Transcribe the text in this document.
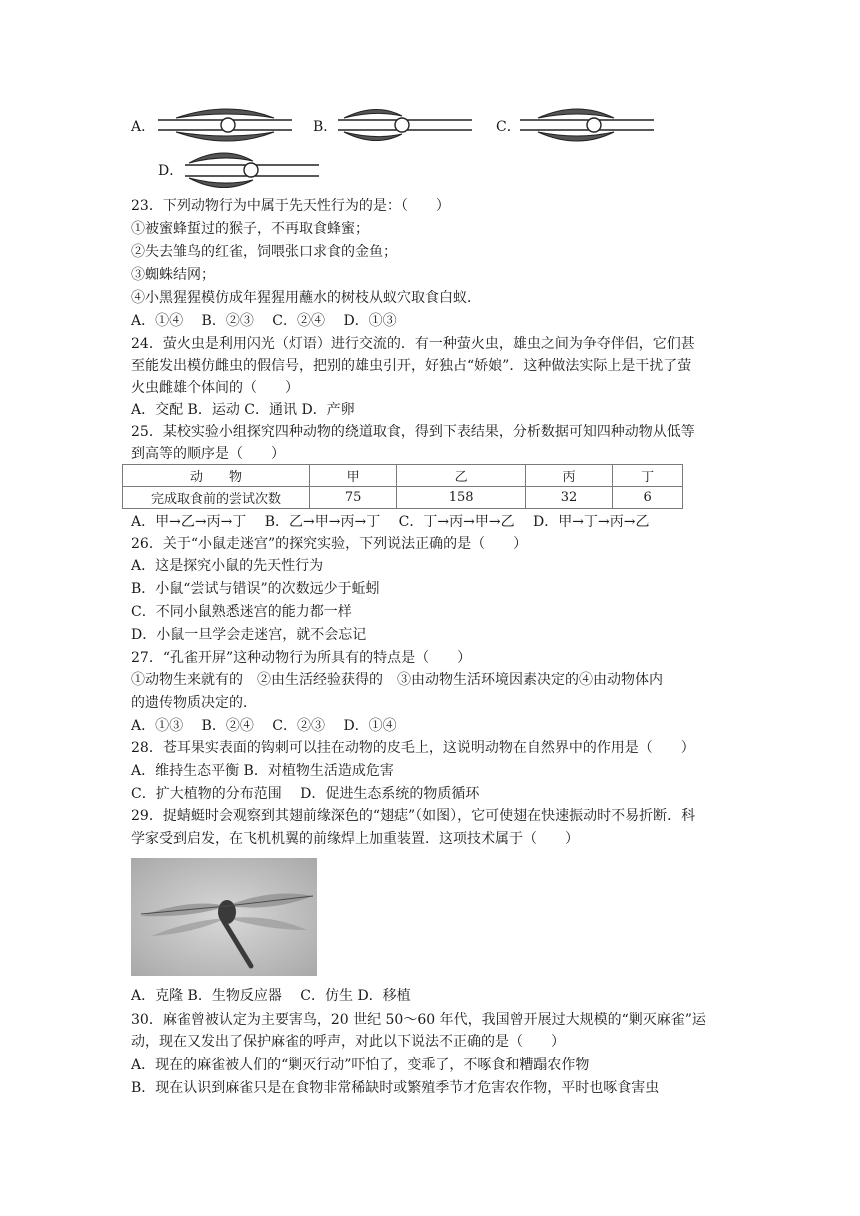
A．	B．	C．
D．
23．下列动物行为中属于先天性行为的是：（　　）
①被蜜蜂蜇过的猴子，不再取食蜂蜜；
②失去雏鸟的红雀，饲喂张口求食的金鱼；
③蜘蛛结网；
④小黑猩猩模仿成年猩猩用蘸水的树枝从蚁穴取食白蚁．
A．①④　 B．②③　 C．②④　 D．①③
24．萤火虫是利用闪光（灯语）进行交流的．有一种萤火虫，雄虫之间为争夺伴侣，它们甚
至能发出模仿雌虫的假信号，把别的雄虫引开，好独占“娇娘”．这种做法实际上是干扰了萤
火虫雌雄个体间的（　　）
A．交配 B．运动 C．通讯 D．产卵
25．某校实验小组探究四种动物的绕道取食，得到下表结果，分析数据可知四种动物从低等
到高等的顺序是（　　）
动　　物	甲	乙	丙	丁
完成取食前的尝试次数	75	158	32	6
A．甲→乙→丙→丁　 B．乙→甲→丙→丁　 C．丁→丙→甲→乙　 D．甲→丁→丙→乙
26．关于“小鼠走迷宫”的探究实验，下列说法正确的是（　　）
A．这是探究小鼠的先天性行为
B．小鼠“尝试与错误”的次数远少于蚯蚓
C．不同小鼠熟悉迷宫的能力都一样
D．小鼠一旦学会走迷宫，就不会忘记
27．“孔雀开屏”这种动物行为所具有的特点是（　　）
①动物生来就有的　②由生活经验获得的　③由动物生活环境因素决定的④由动物体内
的遗传物质决定的．
A．①③　 B．②④　 C．②③　 D．①④
28．苍耳果实表面的钩刺可以挂在动物的皮毛上，这说明动物在自然界中的作用是（　　）
A．维持生态平衡 B．对植物生活造成危害
C．扩大植物的分布范围　 D．促进生态系统的物质循环
29．捉蜻蜓时会观察到其翅前缘深色的“翅痣”（如图），它可使翅在快速振动时不易折断．科
学家受到启发，在飞机机翼的前缘焊上加重装置．这项技术属于（　　）
A．克隆 B．生物反应器　 C．仿生 D．移植
30．麻雀曾被认定为主要害鸟，20 世纪 50～60 年代，我国曾开展过大规模的“剿灭麻雀”运
动，现在又发出了保护麻雀的呼声，对此以下说法不正确的是（　　）
A．现在的麻雀被人们的“剿灭行动”吓怕了，变乖了，不啄食和糟蹋农作物
B．现在认识到麻雀只是在食物非常稀缺时或繁殖季节才危害农作物，平时也啄食害虫
